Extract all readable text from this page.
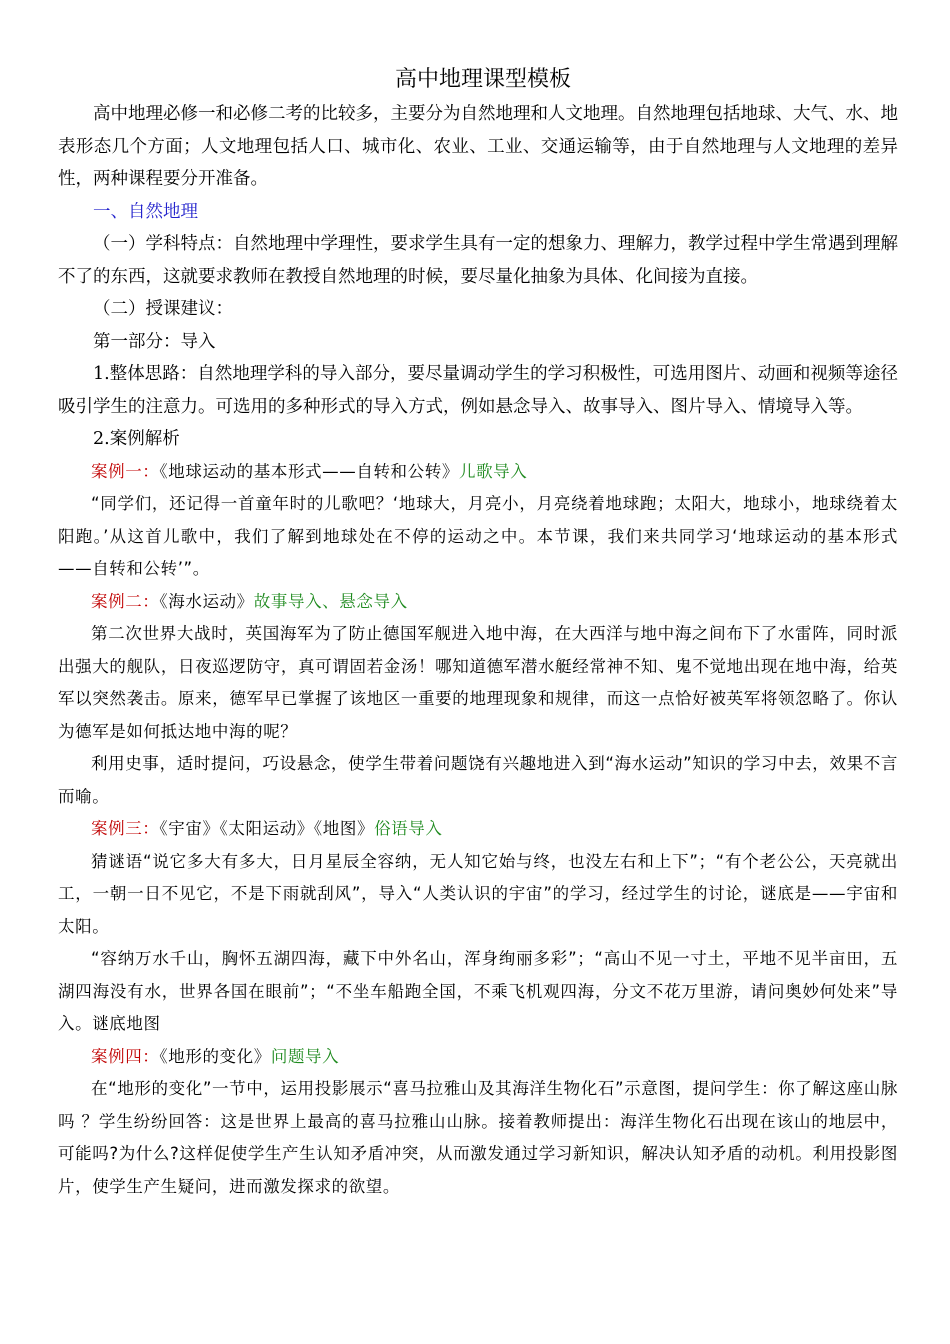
高中地理课型模板

高中地理必修一和必修二考的比较多，主要分为自然地理和人文地理。自然地理包括地球、大气、水、地表形态几个方面；人文地理包括人口、城市化、农业、工业、交通运输等，由于自然地理与人文地理的差异性，两种课程要分开准备。

一、自然地理

（一）学科特点：自然地理中学理性，要求学生具有一定的想象力、理解力，教学过程中学生常遇到理解不了的东西，这就要求教师在教授自然地理的时候，要尽量化抽象为具体、化间接为直接。

（二）授课建议：

第一部分：导入

1.整体思路：自然地理学科的导入部分，要尽量调动学生的学习积极性，可选用图片、动画和视频等途径吸引学生的注意力。可选用的多种形式的导入方式，例如悬念导入、故事导入、图片导入、情境导入等。

2.案例解析

案例一：《地球运动的基本形式——自转和公转》儿歌导入

“同学们，还记得一首童年时的儿歌吧？‘地球大，月亮小，月亮绕着地球跑；太阳大，地球小，地球绕着太阳跑。’从这首儿歌中，我们了解到地球处在不停的运动之中。本节课，我们来共同学习‘地球运动的基本形式——自转和公转’”。

案例二：《海水运动》故事导入、悬念导入

第二次世界大战时，英国海军为了防止德国军舰进入地中海，在大西洋与地中海之间布下了水雷阵，同时派出强大的舰队，日夜巡逻防守，真可谓固若金汤！哪知道德军潜水艇经常神不知、鬼不觉地出现在地中海，给英军以突然袭击。原来，德军早已掌握了该地区一重要的地理现象和规律，而这一点恰好被英军将领忽略了。你认为德军是如何抵达地中海的呢？

利用史事，适时提问，巧设悬念，使学生带着问题饶有兴趣地进入到“海水运动”知识的学习中去，效果不言而喻。

案例三：《宇宙》《太阳运动》《地图》俗语导入

猜谜语“说它多大有多大，日月星辰全容纳，无人知它始与终，也没左右和上下”；“有个老公公，天亮就出工，一朝一日不见它，不是下雨就刮风”，导入“人类认识的宇宙”的学习，经过学生的讨论，谜底是——宇宙和太阳。

“容纳万水千山，胸怀五湖四海，藏下中外名山，浑身绚丽多彩”；“高山不见一寸土，平地不见半亩田，五湖四海没有水，世界各国在眼前”；“不坐车船跑全国，不乘飞机观四海，分文不花万里游，请问奥妙何处来”导入。谜底地图

案例四：《地形的变化》问题导入

在“地形的变化”一节中，运用投影展示“喜马拉雅山及其海洋生物化石”示意图，提问学生：你了解这座山脉吗 ？学生纷纷回答：这是世界上最高的喜马拉雅山山脉。接着教师提出：海洋生物化石出现在该山的地层中，可能吗?为什么?这样促使学生产生认知矛盾冲突，从而激发通过学习新知识，解决认知矛盾的动机。利用投影图片，使学生产生疑问，进而激发探求的欲望。
